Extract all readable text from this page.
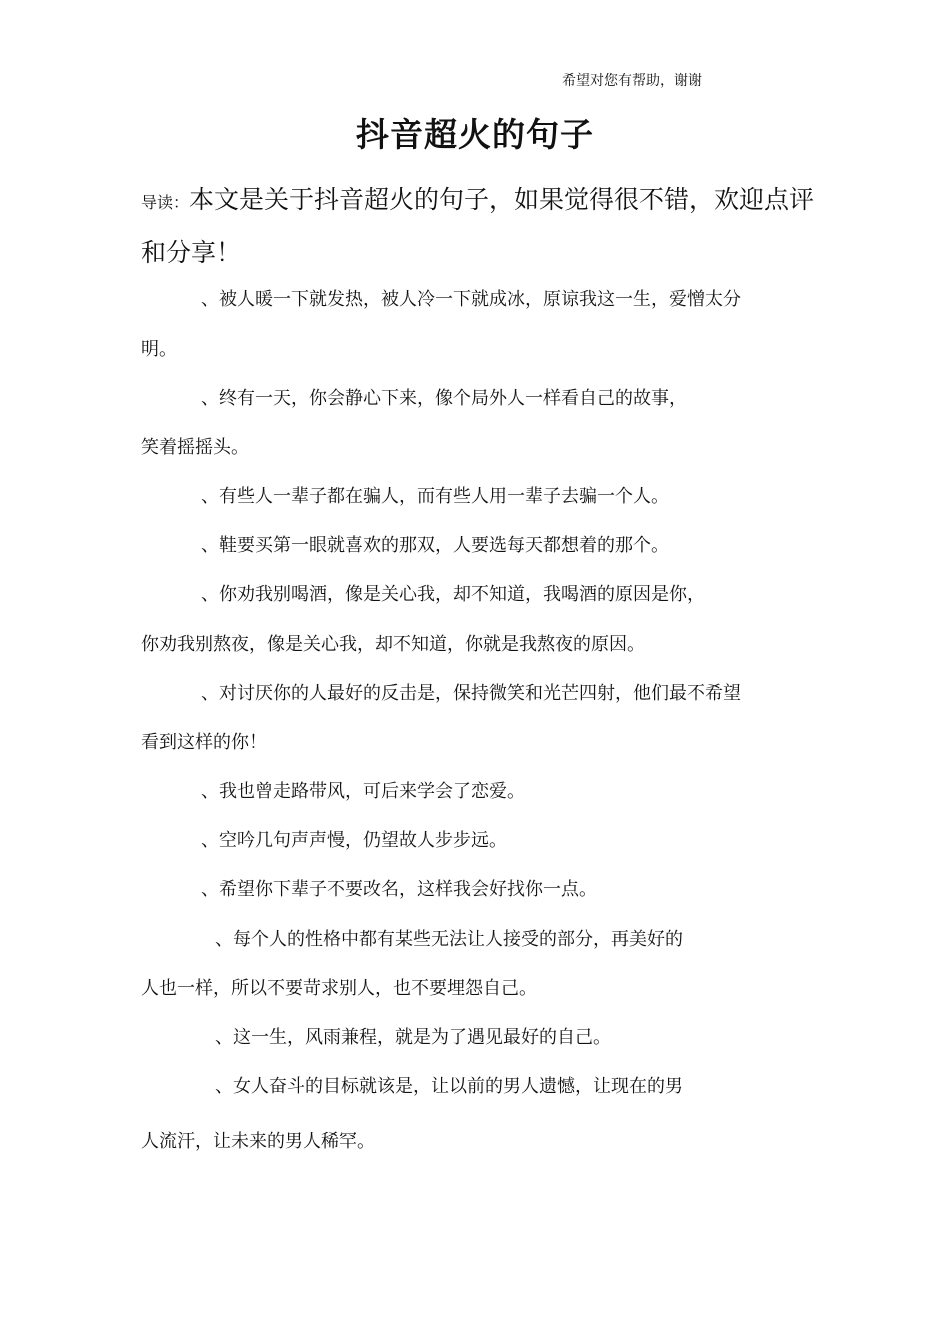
希望对您有帮助，谢谢
抖音超火的句子
导读：本文是关于抖音超火的句子，如果觉得很不错，欢迎点评和分享！
、被人暖一下就发热，被人冷一下就成冰，原谅我这一生，爱憎太分
明。
、终有一天，你会静心下来，像个局外人一样看自己的故事，
笑着摇摇头。
、有些人一辈子都在骗人，而有些人用一辈子去骗一个人。
、鞋要买第一眼就喜欢的那双，人要选每天都想着的那个。
、你劝我别喝酒，像是关心我，却不知道，我喝酒的原因是你，
你劝我别熬夜，像是关心我，却不知道，你就是我熬夜的原因。
、对讨厌你的人最好的反击是，保持微笑和光芒四射，他们最不希望
看到这样的你！
、我也曾走路带风，可后来学会了恋爱。
、空吟几句声声慢，仍望故人步步远。
、希望你下辈子不要改名，这样我会好找你一点。
、每个人的性格中都有某些无法让人接受的部分，再美好的
人也一样，所以不要苛求别人，也不要埋怨自己。
、这一生，风雨兼程，就是为了遇见最好的自己。
、女人奋斗的目标就该是，让以前的男人遗憾，让现在的男
人流汗，让未来的男人稀罕。
